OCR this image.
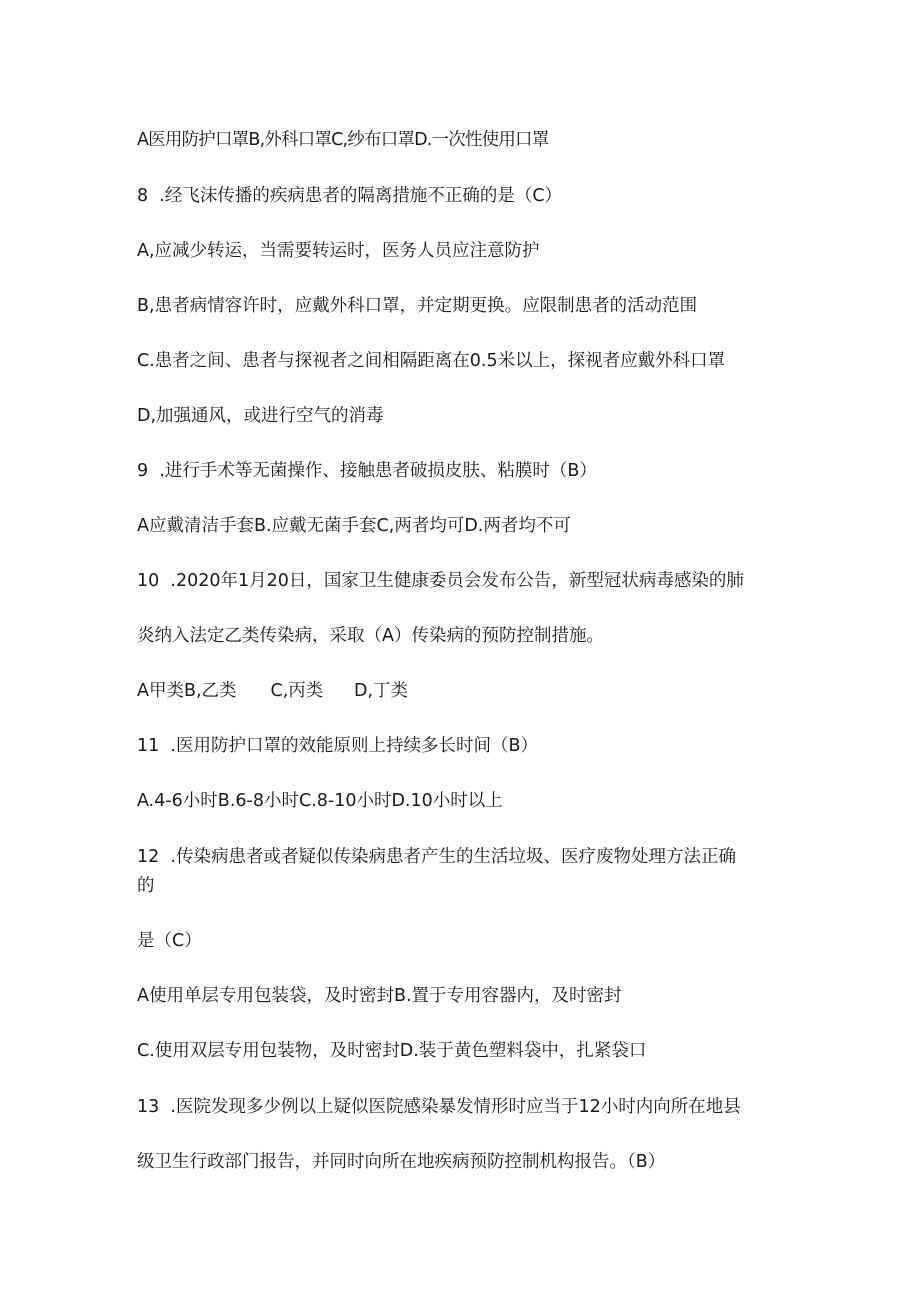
A医用防护口罩B,外科口罩C,纱布口罩D.一次性使用口罩
8	.经飞沫传播的疾病患者的隔离措施不正确的是（C）
A,应减少转运，当需要转运时，医务人员应注意防护
B,患者病情容许时，应戴外科口罩，并定期更换。应限制患者的活动范围
C.患者之间、患者与探视者之间相隔距离在0.5米以上，探视者应戴外科口罩
D,加强通风，或进行空气的消毒
9	.进行手术等无菌操作、接触患者破损皮肤、粘膜时（B）
A应戴清洁手套B.应戴无菌手套C,两者均可D.两者均不可
10	.2020年1月20日，国家卫生健康委员会发布公告，新型冠状病毒感染的肺
炎纳入法定乙类传染病，采取（A）传染病的预防控制措施。
A甲类B,乙类		C,丙类		D,丁类
11	.医用防护口罩的效能原则上持续多长时间（B）
A.4-6小时B.6-8小时C.8-10小时D.10小时以上
12	.传染病患者或者疑似传染病患者产生的生活垃圾、医疗废物处理方法正确
的
是（C）
A使用单层专用包装袋，及时密封B.置于专用容器内，及时密封
C.使用双层专用包装物，及时密封D.装于黄色塑料袋中，扎紧袋口
13	.医院发现多少例以上疑似医院感染暴发情形时应当于12小时内向所在地县
级卫生行政部门报告，并同时向所在地疾病预防控制机构报告。（B）
